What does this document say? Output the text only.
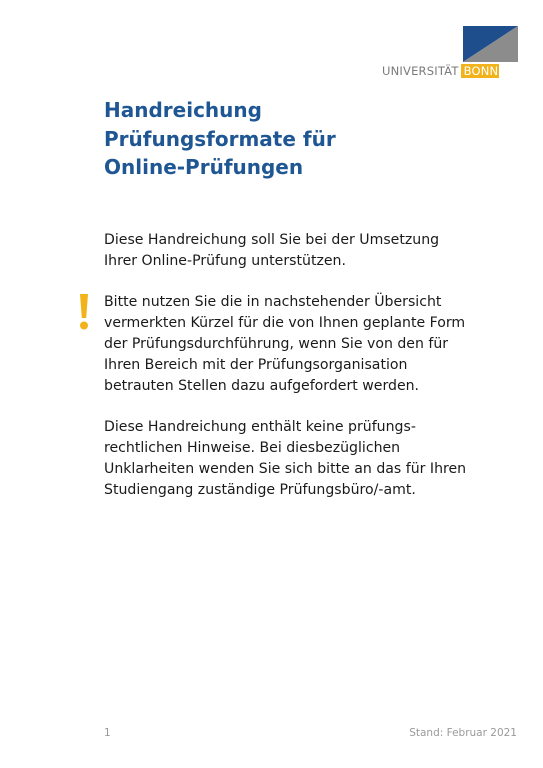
UNIVERSITÄT BONN
Handreichung
Prüfungsformate für
Online-Prüfungen

Diese Handreichung soll Sie bei der Umsetzung
Ihrer Online-Prüfung unterstützen.

Bitte nutzen Sie die in nachstehender Übersicht
vermerkten Kürzel für die von Ihnen geplante Form
der Prüfungsdurchführung, wenn Sie von den für
Ihren Bereich mit der Prüfungsorganisation
betrauten Stellen dazu aufgefordert werden.

Diese Handreichung enthält keine prüfungs-
rechtlichen Hinweise. Bei diesbezüglichen
Unklarheiten wenden Sie sich bitte an das für Ihren
Studiengang zuständige Prüfungsbüro/-amt.

1	Stand: Februar 2021
